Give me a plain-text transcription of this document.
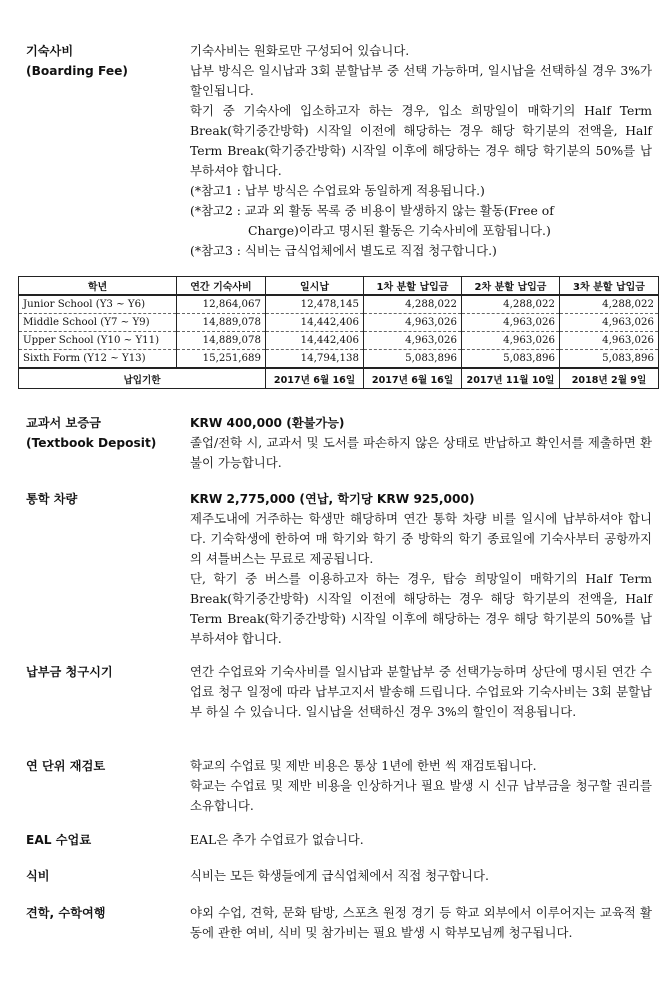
기숙사비
(Boarding Fee)
기숙사비는 원화로만 구성되어 있습니다.
납부 방식은 일시납과 3회 분할납부 중 선택 가능하며, 일시납을 선택하실 경우 3%가 할인됩니다.
학기 중 기숙사에 입소하고자 하는 경우, 입소 희망일이 매학기의 Half Term Break(학기중간방학) 시작일 이전에 해당하는 경우 해당 학기분의 전액을, Half Term Break(학기중간방학) 시작일 이후에 해당하는 경우 해당 학기분의 50%를 납부하셔야 합니다.
(*참고1 : 납부 방식은 수업료와 동일하게 적용됩니다.)
(*참고2 : 교과 외 활동 목록 중 비용이 발생하지 않는 활동(Free of
Charge)이라고 명시된 활동은 기숙사비에 포함됩니다.)
(*참고3 : 식비는 급식업체에서 별도로 직접 청구합니다.)
학년	연간 기숙사비	일시납	1차 분할 납입금	2차 분할 납입금	3차 분할 납입금
Junior School (Y3 ~ Y6)	12,864,067	12,478,145	4,288,022	4,288,022	4,288,022
Middle School (Y7 ~ Y9)	14,889,078	14,442,406	4,963,026	4,963,026	4,963,026
Upper School (Y10 ~ Y11)	14,889,078	14,442,406	4,963,026	4,963,026	4,963,026
Sixth Form (Y12 ~ Y13)	15,251,689	14,794,138	5,083,896	5,083,896	5,083,896
납입기한		2017년 6월 16일	2017년 6월 16일	2017년 11월 10일	2018년 2월 9일
교과서 보증금
(Textbook Deposit)
KRW 400,000 (환불가능)
졸업/전학 시, 교과서 및 도서를 파손하지 않은 상태로 반납하고 확인서를 제출하면 환불이 가능합니다.
통학 차량	KRW 2,775,000 (연납, 학기당 KRW 925,000)
제주도내에 거주하는 학생만 해당하며 연간 통학 차량 비를 일시에 납부하셔야 합니다. 기숙학생에 한하여 매 학기와 학기 중 방학의 학기 종료일에 기숙사부터 공항까지의 셔틀버스는 무료로 제공됩니다.
단, 학기 중 버스를 이용하고자 하는 경우, 탑승 희망일이 매학기의 Half Term Break(학기중간방학) 시작일 이전에 해당하는 경우 해당 학기분의 전액을, Half Term Break(학기중간방학) 시작일 이후에 해당하는 경우 해당 학기분의 50%를 납부하셔야 합니다.
납부금 청구시기	연간 수업료와 기숙사비를 일시납과 분할납부 중 선택가능하며 상단에 명시된 연간 수업료 청구 일정에 따라 납부고지서 발송해 드립니다. 수업료와 기숙사비는 3회 분할납부 하실 수 있습니다. 일시납을 선택하신 경우 3%의 할인이 적용됩니다.
연 단위 재검토	학교의 수업료 및 제반 비용은 통상 1년에 한번 씩 재검토됩니다.
학교는 수업료 및 제반 비용을 인상하거나 필요 발생 시 신규 납부금을 청구할 권리를 소유합니다.
EAL 수업료	EAL은 추가 수업료가 없습니다.
식비	식비는 모든 학생들에게 급식업체에서 직접 청구합니다.
견학, 수학여행	야외 수업, 견학, 문화 탐방, 스포츠 원정 경기 등 학교 외부에서 이루어지는 교육적 활동에 관한 여비, 식비 및 참가비는 필요 발생 시 학부모님께 청구됩니다.
